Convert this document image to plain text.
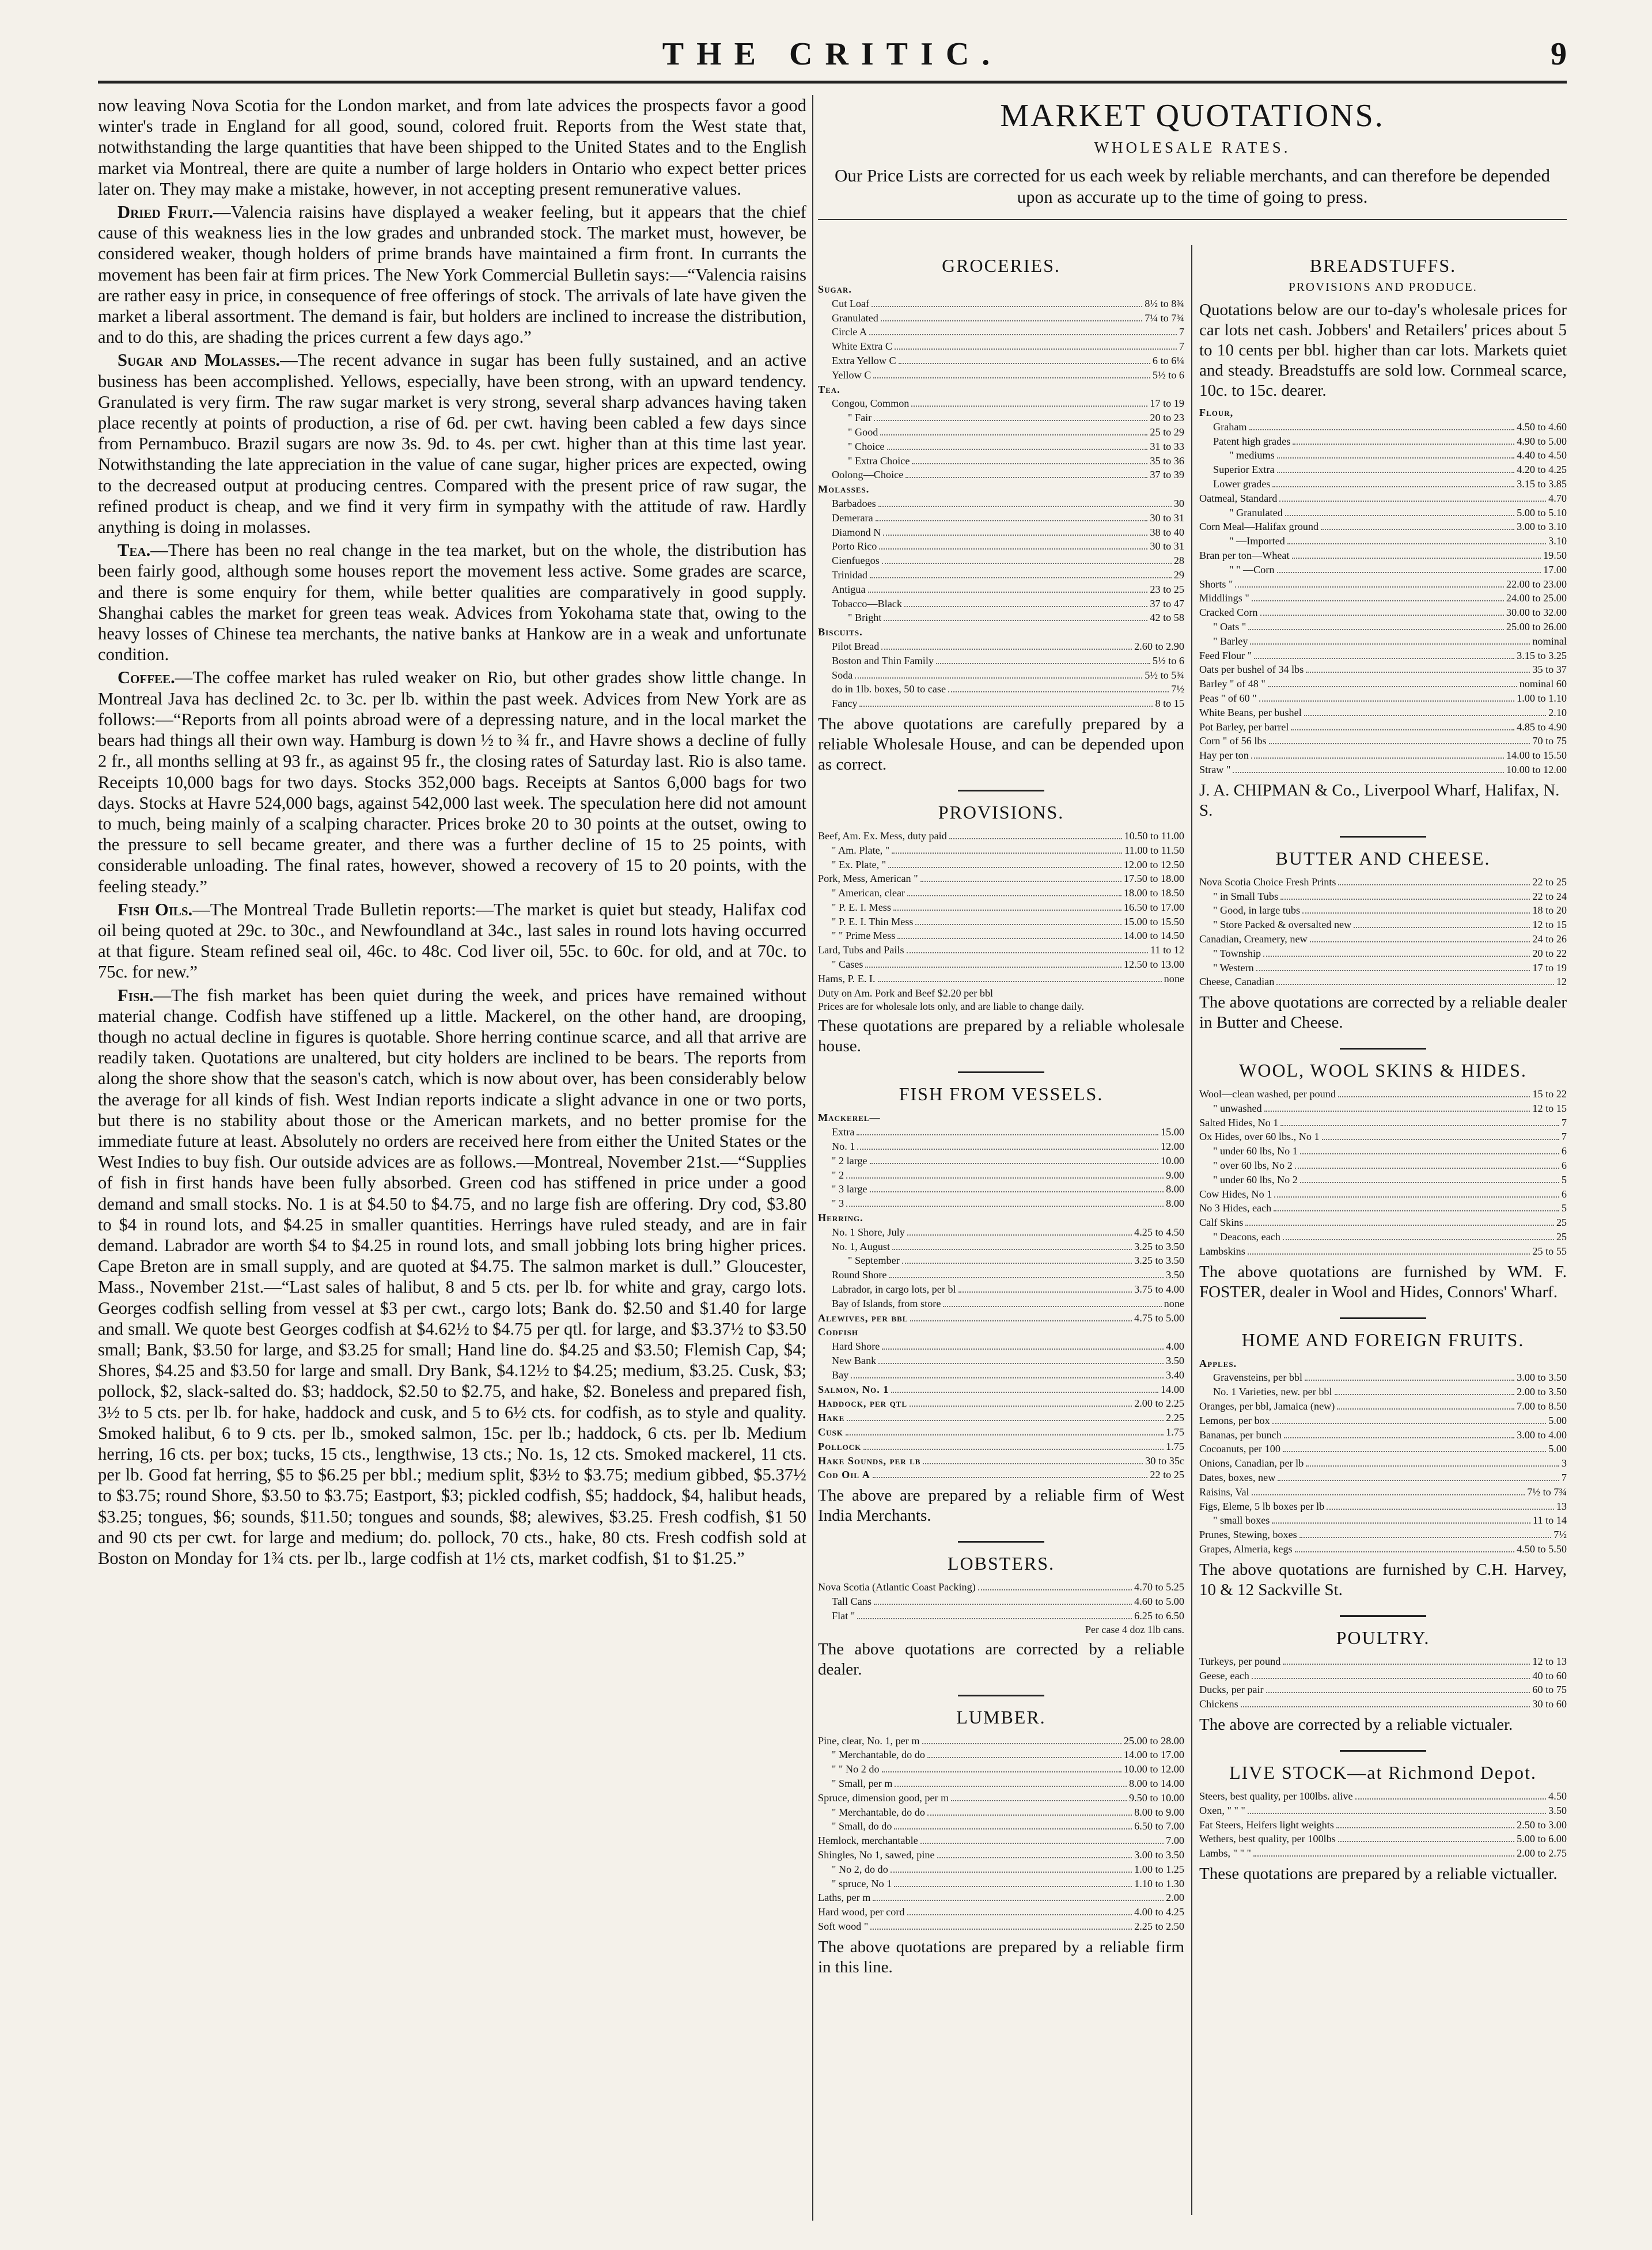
THE CRITIC.	9

now leaving Nova Scotia for the London market, and from late advices the prospects favor a good winter's trade in England for all good, sound, colored fruit. Reports from the West state that, notwithstanding the large quantities that have been shipped to the United States and to the English market via Montreal, there are quite a number of large holders in Ontario who expect better prices later on. They may make a mistake, however, in not accepting present remunerative values.

Dried Fruit.—Valencia raisins have displayed a weaker feeling, but it appears that the chief cause of this weakness lies in the low grades and unbranded stock. The market must, however, be considered weaker, though holders of prime brands have maintained a firm front. In currants the movement has been fair at firm prices. The New York Commercial Bulletin says:—“Valencia raisins are rather easy in price, in consequence of free offerings of stock. The arrivals of late have given the market a liberal assortment. The demand is fair, but holders are inclined to increase the distribution, and to do this, are shading the prices current a few days ago.”

Sugar and Molasses.—The recent advance in sugar has been fully sustained, and an active business has been accomplished. Yellows, especially, have been strong, with an upward tendency. Granulated is very firm. The raw sugar market is very strong, several sharp advances having taken place recently at points of production, a rise of 6d. per cwt. having been cabled a few days since from Pernambuco. Brazil sugars are now 3s. 9d. to 4s. per cwt. higher than at this time last year. Notwithstanding the late appreciation in the value of cane sugar, higher prices are expected, owing to the decreased output at producing centres. Compared with the present price of raw sugar, the refined product is cheap, and we find it very firm in sympathy with the attitude of raw. Hardly anything is doing in molasses.

Tea.—There has been no real change in the tea market, but on the whole, the distribution has been fairly good, although some houses report the movement less active. Some grades are scarce, and there is some enquiry for them, while better qualities are comparatively in good supply. Shanghai cables the market for green teas weak. Advices from Yokohama state that, owing to the heavy losses of Chinese tea merchants, the native banks at Hankow are in a weak and unfortunate condition.

Coffee.—The coffee market has ruled weaker on Rio, but other grades show little change. In Montreal Java has declined 2c. to 3c. per lb. within the past week. Advices from New York are as follows:—“Reports from all points abroad were of a depressing nature, and in the local market the bears had things all their own way. Hamburg is down ½ to ¾ fr., and Havre shows a decline of fully 2 fr., all months selling at 93 fr., as against 95 fr., the closing rates of Saturday last. Rio is also tame. Receipts 10,000 bags for two days. Stocks 352,000 bags. Receipts at Santos 6,000 bags for two days. Stocks at Havre 524,000 bags, against 542,000 last week. The speculation here did not amount to much, being mainly of a scalping character. Prices broke 20 to 30 points at the outset, owing to the pressure to sell became greater, and there was a further decline of 15 to 25 points, with considerable unloading. The final rates, however, showed a recovery of 15 to 20 points, with the feeling steady.”

Fish Oils.—The Montreal Trade Bulletin reports:—The market is quiet but steady, Halifax cod oil being quoted at 29c. to 30c., and Newfoundland at 34c., last sales in round lots having occurred at that figure. Steam refined seal oil, 46c. to 48c. Cod liver oil, 55c. to 60c. for old, and at 70c. to 75c. for new.”

Fish.—The fish market has been quiet during the week, and prices have remained without material change. Codfish have stiffened up a little. Mackerel, on the other hand, are drooping, though no actual decline in figures is quotable. Shore herring continue scarce, and all that arrive are readily taken. Quotations are unaltered, but city holders are inclined to be bears. The reports from along the shore show that the season's catch, which is now about over, has been considerably below the average for all kinds of fish. West Indian reports indicate a slight advance in one or two ports, but there is no stability about those or the American markets, and no better promise for the immediate future at least. Absolutely no orders are received here from either the United States or the West Indies to buy fish. Our outside advices are as follows.—Montreal, November 21st.—“Supplies of fish in first hands have been fully absorbed. Green cod has stiffened in price under a good demand and small stocks. No. 1 is at $4.50 to $4.75, and no large fish are offering. Dry cod, $3.80 to $4 in round lots, and $4.25 in smaller quantities. Herrings have ruled steady, and are in fair demand. Labrador are worth $4 to $4.25 in round lots, and small jobbing lots bring higher prices. Cape Breton are in small supply, and are quoted at $4.75. The salmon market is dull.” Gloucester, Mass., November 21st.—“Last sales of halibut, 8 and 5 cts. per lb. for white and gray, cargo lots. Georges codfish selling from vessel at $3 per cwt., cargo lots; Bank do. $2.50 and $1.40 for large and small. We quote best Georges codfish at $4.62½ to $4.75 per qtl. for large, and $3.37½ to $3.50 small; Bank, $3.50 for large, and $3.25 for small; Hand line do. $4.25 and $3.50; Flemish Cap, $4; Shores, $4.25 and $3.50 for large and small. Dry Bank, $4.12½ to $4.25; medium, $3.25. Cusk, $3; pollock, $2, slack-salted do. $3; haddock, $2.50 to $2.75, and hake, $2. Boneless and prepared fish, 3½ to 5 cts. per lb. for hake, haddock and cusk, and 5 to 6½ cts. for codfish, as to style and quality. Smoked halibut, 6 to 9 cts. per lb., smoked salmon, 15c. per lb.; haddock, 6 cts. per lb. Medium herring, 16 cts. per box; tucks, 15 cts., lengthwise, 13 cts.; No. 1s, 12 cts. Smoked mackerel, 11 cts. per lb. Good fat herring, $5 to $6.25 per bbl.; medium split, $3½ to $3.75; medium gibbed, $5.37½ to $3.75; round Shore, $3.50 to $3.75; Eastport, $3; pickled codfish, $5; haddock, $4, halibut heads, $3.25; tongues, $6; sounds, $11.50; tongues and sounds, $8; alewives, $3.25. Fresh codfish, $1 50 and 90 cts per cwt. for large and medium; do. pollock, 70 cts., hake, 80 cts. Fresh codfish sold at Boston on Monday for 1¾ cts. per lb., large codfish at 1½ cts, market codfish, $1 to $1.25.”

MARKET QUOTATIONS.
WHOLESALE RATES.
Our Price Lists are corrected for us each week by reliable merchants, and can therefore be depended upon as accurate up to the time of going to press.
GROCERIES.
Sugar.
Cut Loaf	8½ to 8¾
Granulated	7¼ to 7¾
Circle A	7
White Extra C	7
Extra Yellow C	6 to 6¼
Yellow C	5½ to 6
Tea.
Congou, Common	17 to 19
" Fair	20 to 23
" Good	25 to 29
" Choice	31 to 33
" Extra Choice	35 to 36
Oolong—Choice	37 to 39
Molasses.
Barbadoes	30
Demerara	30 to 31
Diamond N	38 to 40
Porto Rico	30 to 31
Cienfuegos	28
Trinidad	29
Antigua	23 to 25
Tobacco—Black	37 to 47
" Bright	42 to 58
Biscuits.
Pilot Bread	2.60 to 2.90
Boston and Thin Family	5½ to 6
Soda	5½ to 5¾
do in 1lb. boxes, 50 to case	7½
Fancy	8 to 15
The above quotations are carefully prepared by a reliable Wholesale House, and can be depended upon as correct.
PROVISIONS.
Beef, Am. Ex. Mess, duty paid	10.50 to 11.00
" Am. Plate, "	11.00 to 11.50
" Ex. Plate, "	12.00 to 12.50
Pork, Mess, American "	17.50 to 18.00
" American, clear	18.00 to 18.50
" P. E. I. Mess	16.50 to 17.00
" P. E. I. Thin Mess	15.00 to 15.50
" " Prime Mess	14.00 to 14.50
Lard, Tubs and Pails	11 to 12
" Cases	12.50 to 13.00
Hams, P. E. I.	none
Duty on Am. Pork and Beef $2.20 per bbl
Prices are for wholesale lots only, and are liable to change daily.
These quotations are prepared by a reliable wholesale house.
FISH FROM VESSELS.
Mackerel—
Extra	15.00
No. 1	12.00
" 2 large	10.00
" 2	9.00
" 3 large	8.00
" 3	8.00
Herring.
No. 1 Shore, July	4.25 to 4.50
No. 1, August	3.25 to 3.50
" September	3.25 to 3.50
Round Shore	3.50
Labrador, in cargo lots, per bl	3.75 to 4.00
Bay of Islands, from store	none
Alewives, per bbl	4.75 to 5.00
Codfish
Hard Shore	4.00
New Bank	3.50
Bay	3.40
Salmon, No. 1	14.00
Haddock, per qtl	2.00 to 2.25
Hake	2.25
Cusk	1.75
Pollock	1.75
Hake Sounds, per lb	30 to 35c
Cod Oil A	22 to 25
The above are prepared by a reliable firm of West India Merchants.
LOBSTERS.
Nova Scotia (Atlantic Coast Packing)	4.70 to 5.25
Tall Cans	4.60 to 5.00
Flat "	6.25 to 6.50
Per case 4 doz 1lb cans.
The above quotations are corrected by a reliable dealer.
LUMBER.
Pine, clear, No. 1, per m	25.00 to 28.00
" Merchantable, do do	14.00 to 17.00
" " No 2 do	10.00 to 12.00
" Small, per m	8.00 to 14.00
Spruce, dimension good, per m	9.50 to 10.00
" Merchantable, do do	8.00 to 9.00
" Small, do do	6.50 to 7.00
Hemlock, merchantable	7.00
Shingles, No 1, sawed, pine	3.00 to 3.50
" No 2, do do	1.00 to 1.25
" spruce, No 1	1.10 to 1.30
Laths, per m	2.00
Hard wood, per cord	4.00 to 4.25
Soft wood "	2.25 to 2.50
The above quotations are prepared by a reliable firm in this line.
BREADSTUFFS.
PROVISIONS AND PRODUCE.
Quotations below are our to-day's wholesale prices for car lots net cash. Jobbers' and Retailers' prices about 5 to 10 cents per bbl. higher than car lots. Markets quiet and steady. Breadstuffs are sold low. Cornmeal scarce, 10c. to 15c. dearer.
Flour,
Graham	4.50 to 4.60
Patent high grades	4.90 to 5.00
" mediums	4.40 to 4.50
Superior Extra	4.20 to 4.25
Lower grades	3.15 to 3.85
Oatmeal, Standard	4.70
" Granulated	5.00 to 5.10
Corn Meal—Halifax ground	3.00 to 3.10
" —Imported	3.10
Bran per ton—Wheat	19.50
" " —Corn	17.00
Shorts "	22.00 to 23.00
Middlings "	24.00 to 25.00
Cracked Corn	30.00 to 32.00
" Oats "	25.00 to 26.00
" Barley	nominal
Feed Flour "	3.15 to 3.25
Oats per bushel of 34 lbs	35 to 37
Barley " of 48 "	nominal 60
Peas " of 60 "	1.00 to 1.10
White Beans, per bushel	2.10
Pot Barley, per barrel	4.85 to 4.90
Corn " of 56 lbs	70 to 75
Hay per ton	14.00 to 15.50
Straw "	10.00 to 12.00
J. A. CHIPMAN & Co., Liverpool Wharf, Halifax, N. S.
BUTTER AND CHEESE.
Nova Scotia Choice Fresh Prints	22 to 25
" in Small Tubs	22 to 24
" Good, in large tubs	18 to 20
" Store Packed & oversalted new	12 to 15
Canadian, Creamery, new	24 to 26
" Township	20 to 22
" Western	17 to 19
Cheese, Canadian	12
The above quotations are corrected by a reliable dealer in Butter and Cheese.
WOOL, WOOL SKINS & HIDES.
Wool—clean washed, per pound	15 to 22
" unwashed	12 to 15
Salted Hides, No 1	7
Ox Hides, over 60 lbs., No 1	7
" under 60 lbs, No 1	6
" over 60 lbs, No 2	6
" under 60 lbs, No 2	5
Cow Hides, No 1	6
No 3 Hides, each	5
Calf Skins	25
" Deacons, each	25
Lambskins	25 to 55
The above quotations are furnished by WM. F. FOSTER, dealer in Wool and Hides, Connors' Wharf.
HOME AND FOREIGN FRUITS.
Apples.
Gravensteins, per bbl	3.00 to 3.50
No. 1 Varieties, new. per bbl	2.00 to 3.50
Oranges, per bbl, Jamaica (new)	7.00 to 8.50
Lemons, per box	5.00
Bananas, per bunch	3.00 to 4.00
Cocoanuts, per 100	5.00
Onions, Canadian, per lb	3
Dates, boxes, new	7
Raisins, Val	7½ to 7¾
Figs, Eleme, 5 lb boxes per lb	13
" small boxes	11 to 14
Prunes, Stewing, boxes	7½
Grapes, Almeria, kegs	4.50 to 5.50
The above quotations are furnished by C.H. Harvey, 10 & 12 Sackville St.
POULTRY.
Turkeys, per pound	12 to 13
Geese, each	40 to 60
Ducks, per pair	60 to 75
Chickens	30 to 60
The above are corrected by a reliable victualer.
LIVE STOCK—at Richmond Depot.
Steers, best quality, per 100lbs. alive	4.50
Oxen, " " "	3.50
Fat Steers, Heifers light weights	2.50 to 3.00
Wethers, best quality, per 100lbs	5.00 to 6.00
Lambs, " " "	2.00 to 2.75
These quotations are prepared by a reliable victualler.
